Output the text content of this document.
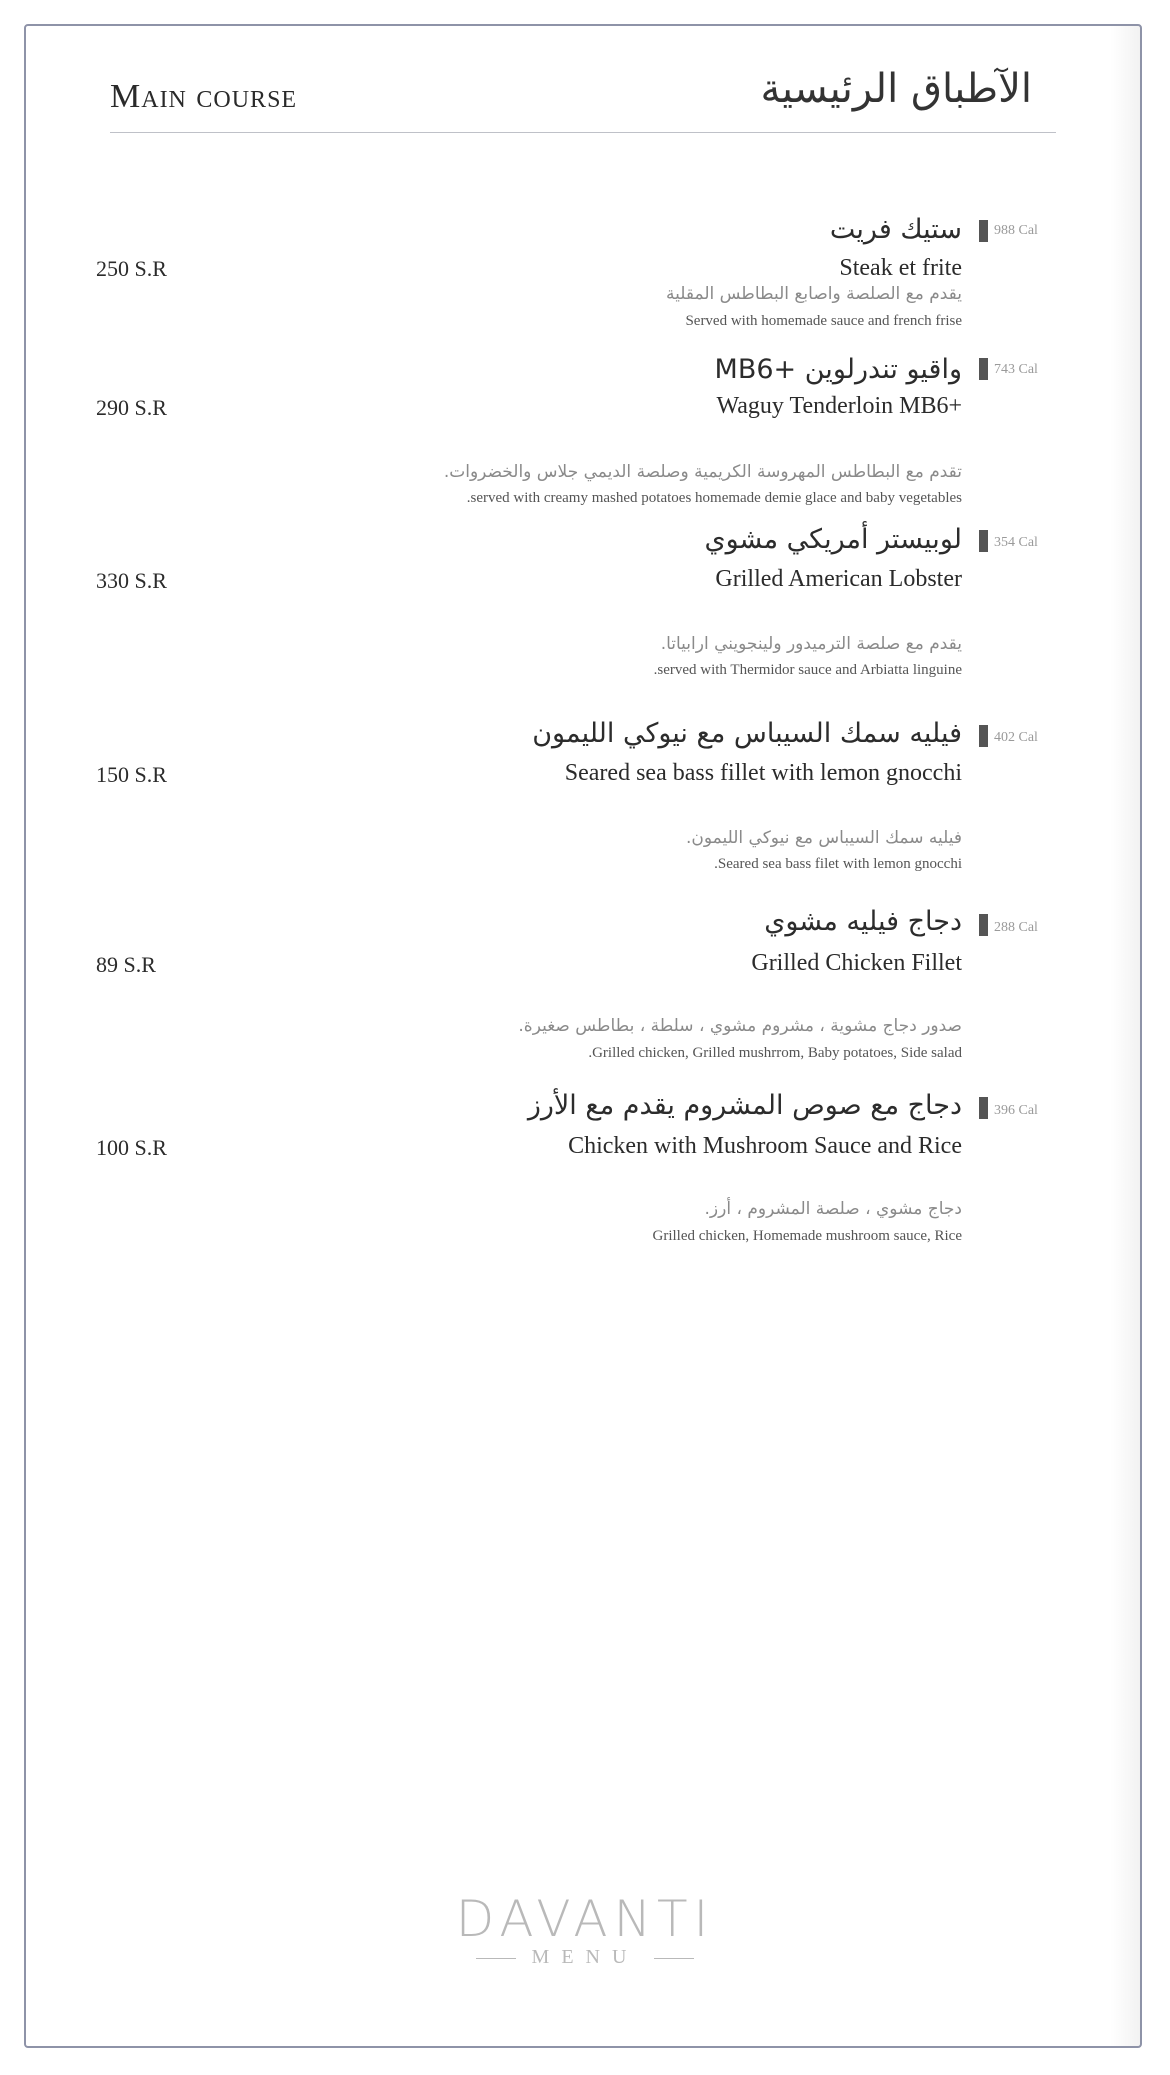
Main course	الآطباق الرئيسية
ستيك فريت 988 Cal
Steak et frite
250 S.R
يقدم مع الصلصة واصابع البطاطس المقلية
Served with homemade sauce and french frise
واقيو تندرلوين +MB6 743 Cal
Waguy Tenderloin MB6+
290 S.R
تقدم مع البطاطس المهروسة الكريمية وصلصة الديمي جلاس والخضروات.
.served with creamy mashed potatoes homemade demie glace and baby vegetables
لوبيستر أمريكي مشوي 354 Cal
Grilled American Lobster
330 S.R
يقدم مع صلصة الترميدور ولينجويني ارابياتا.
.served with Thermidor sauce and Arbiatta linguine
فيليه سمك السيباس مع نيوكي الليمون 402 Cal
Seared sea bass fillet with lemon gnocchi
150 S.R
فيليه سمك السيباس مع نيوكي الليمون.
.Seared sea bass filet with lemon gnocchi
دجاج فيليه مشوي 288 Cal
Grilled Chicken Fillet
89 S.R
صدور دجاج مشوية ، مشروم مشوي ، سلطة ، بطاطس صغيرة.
.Grilled chicken, Grilled mushrrom, Baby potatoes, Side salad
دجاج مع صوص المشروم يقدم مع الأرز 396 Cal
Chicken with Mushroom Sauce and Rice
100 S.R
دجاج مشوي ، صلصة المشروم ، أرز.
Grilled chicken, Homemade mushroom sauce, Rice
DAVANTI
MENU
